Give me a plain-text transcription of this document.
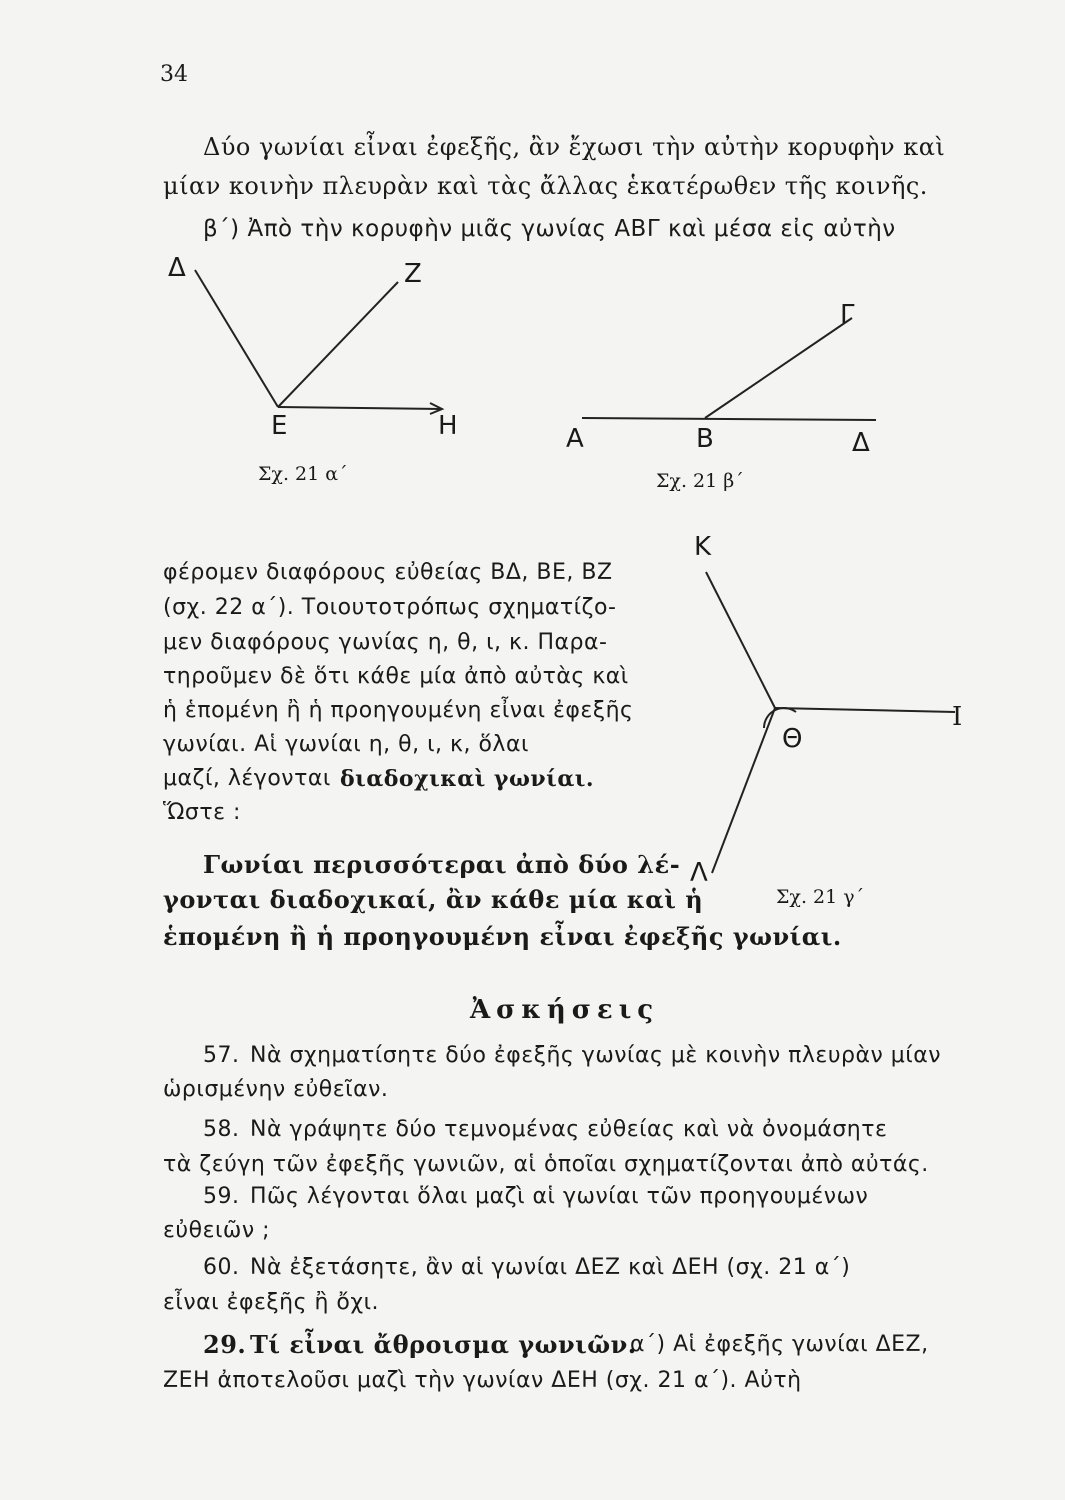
34
Δύο γωνίαι εἶναι ἐφεξῆς, ἂν ἔχωσι τὴν αὐτὴν κορυφὴν καὶ
μίαν κοινὴν πλευρὰν καὶ τὰς ἄλλας ἑκατέρωθεν τῆς κοινῆς.
β΄) Ἀπὸ τὴν κορυφὴν μιᾶς γωνίας ΑΒΓ καὶ μέσα εἰς αὐτὴν
Δ	Ζ
Ε	Η
Σχ. 21 α΄
Γ
Α	Β	Δ
Σχ. 21 β΄
Κ
Ι
Θ
Λ
Σχ. 21 γ΄
φέρομεν διαφόρους εὐθείας ΒΔ, ΒΕ, ΒΖ
(σχ. 22 α΄). Τοιουτοτρόπως σχηματίζο-
μεν διαφόρους γωνίας η, θ, ι, κ. Παρα-
τηροῦμεν δὲ ὅτι κάθε μία ἀπὸ αὐτὰς καὶ
ἡ ἑπομένη ἢ ἡ προηγουμένη εἶναι ἐφεξῆς
γωνίαι. Αἱ γωνίαι η, θ, ι, κ, ὅλαι
μαζί, λέγονται διαδοχικαὶ γωνίαι.
Ὥστε :
Γωνίαι περισσότεραι ἀπὸ δύο λέ-
γονται διαδοχικαί, ἂν κάθε μία καὶ ἡ
ἑπομένη ἢ ἡ προηγουμένη εἶναι ἐφεξῆς γωνίαι.
Ἀσκήσεις
57. Νὰ σχηματίσητε δύο ἐφεξῆς γωνίας μὲ κοινὴν πλευρὰν μίαν
ὡρισμένην εὐθεῖαν.
58. Νὰ γράψητε δύο τεμνομένας εὐθείας καὶ νὰ ὀνομάσητε
τὰ ζεύγη τῶν ἐφεξῆς γωνιῶν, αἱ ὁποῖαι σχηματίζονται ἀπὸ αὐτάς.
59. Πῶς λέγονται ὅλαι μαζὶ αἱ γωνίαι τῶν προηγουμένων
εὐθειῶν ;
60. Νὰ ἐξετάσητε, ἂν αἱ γωνίαι ΔΕΖ καὶ ΔΕΗ (σχ. 21 α΄)
εἶναι ἐφεξῆς ἢ ὄχι.
29. Τί εἶναι ἄθροισμα γωνιῶν.
α΄) Αἱ ἐφεξῆς γωνίαι ΔΕΖ,
ΖΕΗ ἀποτελοῦσι μαζὶ τὴν γωνίαν ΔΕΗ (σχ. 21 α΄). Αὐτὴ
